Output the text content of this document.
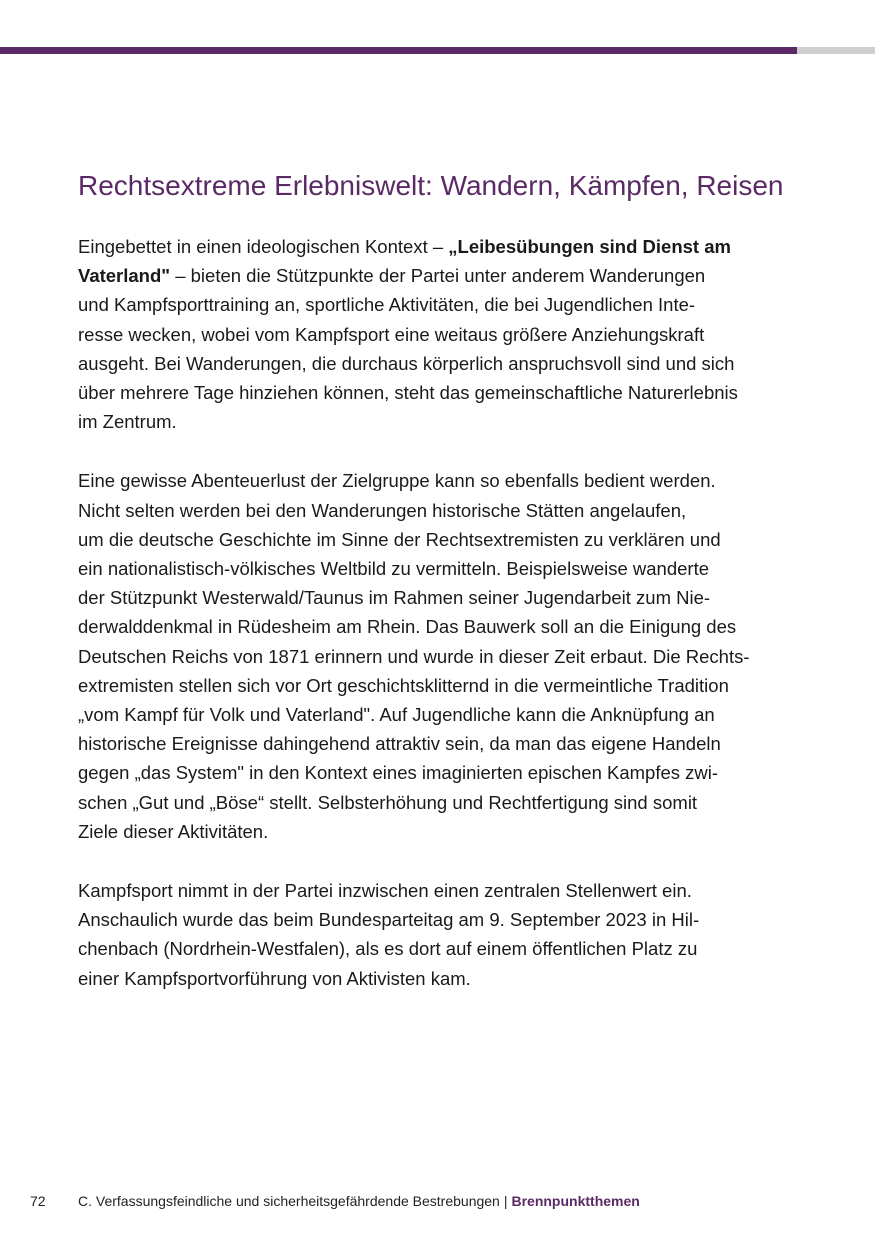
Rechtsextreme Erlebniswelt: Wandern, Kämpfen, Reisen

Eingebettet in einen ideologischen Kontext – „Leibesübungen sind Dienst am
Vaterland" – bieten die Stützpunkte der Partei unter anderem Wanderungen
und Kampfsporttraining an, sportliche Aktivitäten, die bei Jugendlichen Inte-
resse wecken, wobei vom Kampfsport eine weitaus größere Anziehungskraft
ausgeht. Bei Wanderungen, die durchaus körperlich anspruchsvoll sind und sich
über mehrere Tage hinziehen können, steht das gemeinschaftliche Naturerlebnis
im Zentrum.

Eine gewisse Abenteuerlust der Zielgruppe kann so ebenfalls bedient werden.
Nicht selten werden bei den Wanderungen historische Stätten angelaufen,
um die deutsche Geschichte im Sinne der Rechtsextremisten zu verklären und
ein nationalistisch-völkisches Weltbild zu vermitteln. Beispielsweise wanderte
der Stützpunkt Westerwald/Taunus im Rahmen seiner Jugendarbeit zum Nie-
derwalddenkmal in Rüdesheim am Rhein. Das Bauwerk soll an die Einigung des
Deutschen Reichs von 1871 erinnern und wurde in dieser Zeit erbaut. Die Rechts-
extremisten stellen sich vor Ort geschichtsklitternd in die vermeintliche Tradition
„vom Kampf für Volk und Vaterland". Auf Jugendliche kann die Anknüpfung an
historische Ereignisse dahingehend attraktiv sein, da man das eigene Handeln
gegen „das System" in den Kontext eines imaginierten epischen Kampfes zwi-
schen „Gut und „Böse“ stellt. Selbsterhöhung und Rechtfertigung sind somit
Ziele dieser Aktivitäten.

Kampfsport nimmt in der Partei inzwischen einen zentralen Stellenwert ein.
Anschaulich wurde das beim Bundesparteitag am 9. September 2023 in Hil-
chenbach (Nordrhein-Westfalen), als es dort auf einem öffentlichen Platz zu
einer Kampfsportvorführung von Aktivisten kam.

72 C. Verfassungsfeindliche und sicherheitsgefährdende Bestrebungen | Brennpunktthemen
